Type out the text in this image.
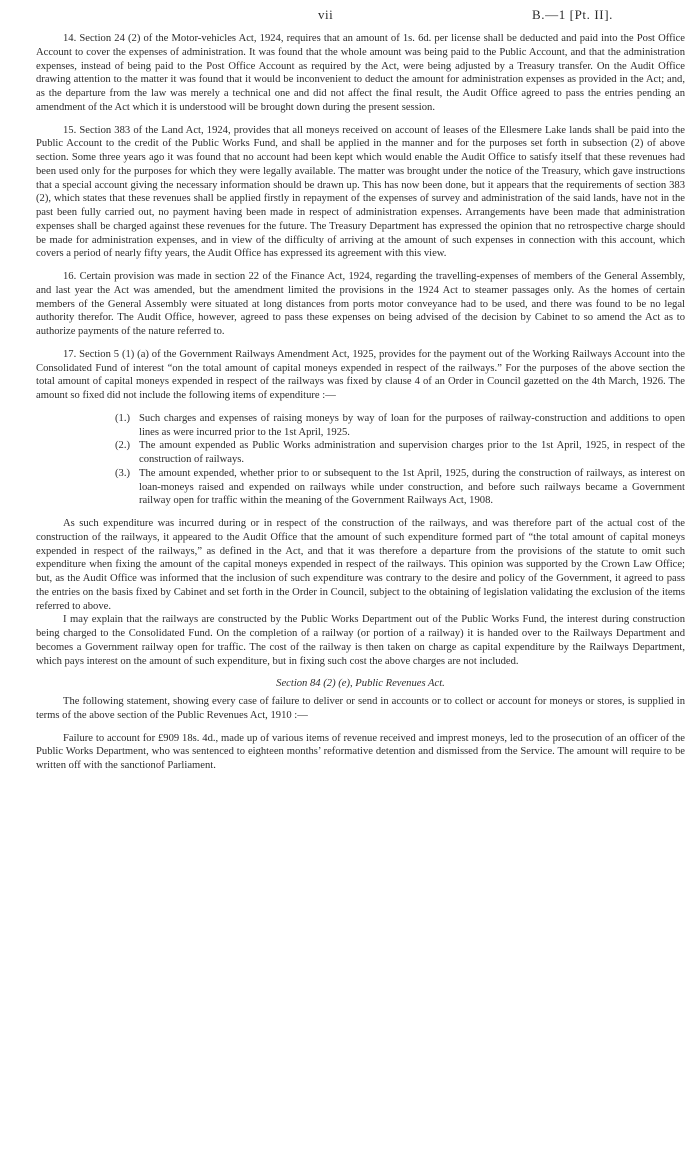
vii	B.—1 [Pt. II].

14. Section 24 (2) of the Motor-vehicles Act, 1924, requires that an amount of 1s. 6d. per license shall be deducted and paid into the Post Office Account to cover the expenses of administration. It was found that the whole amount was being paid to the Public Account, and that the administration expenses, instead of being paid to the Post Office Account as required by the Act, were being adjusted by a Treasury transfer. On the Audit Office drawing attention to the matter it was found that it would be inconvenient to deduct the amount for administration expenses as provided in the Act; and, as the departure from the law was merely a technical one and did not affect the final result, the Audit Office agreed to pass the entries pending an amendment of the Act which it is understood will be brought down during the present session.

15. Section 383 of the Land Act, 1924, provides that all moneys received on account of leases of the Ellesmere Lake lands shall be paid into the Public Account to the credit of the Public Works Fund, and shall be applied in the manner and for the purposes set forth in subsection (2) of above section. Some three years ago it was found that no account had been kept which would enable the Audit Office to satisfy itself that these revenues had been used only for the purposes for which they were legally available. The matter was brought under the notice of the Treasury, which gave instructions that a special account giving the necessary information should be drawn up. This has now been done, but it appears that the requirements of section 383 (2), which states that these revenues shall be applied firstly in repayment of the expenses of survey and administration of the said lands, have not in the past been fully carried out, no payment having been made in respect of administration expenses. Arrangements have been made that administration expenses shall be charged against these revenues for the future. The Treasury Department has expressed the opinion that no retrospective charge should be made for administration expenses, and in view of the difficulty of arriving at the amount of such expenses in connection with this account, which covers a period of nearly fifty years, the Audit Office has expressed its agreement with this view.

16. Certain provision was made in section 22 of the Finance Act, 1924, regarding the travelling-expenses of members of the General Assembly, and last year the Act was amended, but the amendment limited the provisions in the 1924 Act to steamer passages only. As the homes of certain members of the General Assembly were situated at long distances from ports motor conveyance had to be used, and there was found to be no legal authority therefor. The Audit Office, however, agreed to pass these expenses on being advised of the decision by Cabinet to so amend the Act as to authorize payments of the nature referred to.

17. Section 5 (1) (a) of the Government Railways Amendment Act, 1925, provides for the payment out of the Working Railways Account into the Consolidated Fund of interest “on the total amount of capital moneys expended in respect of the railways.” For the purposes of the above section the total amount of capital moneys expended in respect of the railways was fixed by clause 4 of an Order in Council gazetted on the 4th March, 1926. The amount so fixed did not include the following items of expenditure :—

(1.) Such charges and expenses of raising moneys by way of loan for the purposes of railway-construction and additions to open lines as were incurred prior to the 1st April, 1925.
(2.) The amount expended as Public Works administration and supervision charges prior to the 1st April, 1925, in respect of the construction of railways.
(3.) The amount expended, whether prior to or subsequent to the 1st April, 1925, during the construction of railways, as interest on loan-moneys raised and expended on railways while under construction, and before such railways became a Government railway open for traffic within the meaning of the Government Railways Act, 1908.

As such expenditure was incurred during or in respect of the construction of the railways, and was therefore part of the actual cost of the construction of the railways, it appeared to the Audit Office that the amount of such expenditure formed part of “the total amount of capital moneys expended in respect of the railways,” as defined in the Act, and that it was therefore a departure from the provisions of the statute to omit such expenditure when fixing the amount of the capital moneys expended in respect of the railways. This opinion was supported by the Crown Law Office; but, as the Audit Office was informed that the inclusion of such expenditure was contrary to the desire and policy of the Government, it agreed to pass the entries on the basis fixed by Cabinet and set forth in the Order in Council, subject to the obtaining of legislation validating the exclusion of the items referred to above.

I may explain that the railways are constructed by the Public Works Department out of the Public Works Fund, the interest during construction being charged to the Consolidated Fund. On the completion of a railway (or portion of a railway) it is handed over to the Railways Department and becomes a Government railway open for traffic. The cost of the railway is then taken on charge as capital expenditure by the Railways Department, which pays interest on the amount of such expenditure, but in fixing such cost the above charges are not included.

Section 84 (2) (e), Public Revenues Act.

The following statement, showing every case of failure to deliver or send in accounts or to collect or account for moneys or stores, is supplied in terms of the above section of the Public Revenues Act, 1910 :—

Failure to account for £909 18s. 4d., made up of various items of revenue received and imprest moneys, led to the prosecution of an officer of the Public Works Department, who was sentenced to eighteen months’ reformative detention and dismissed from the Service. The amount will require to be written off with the sanctionof Parliament.
